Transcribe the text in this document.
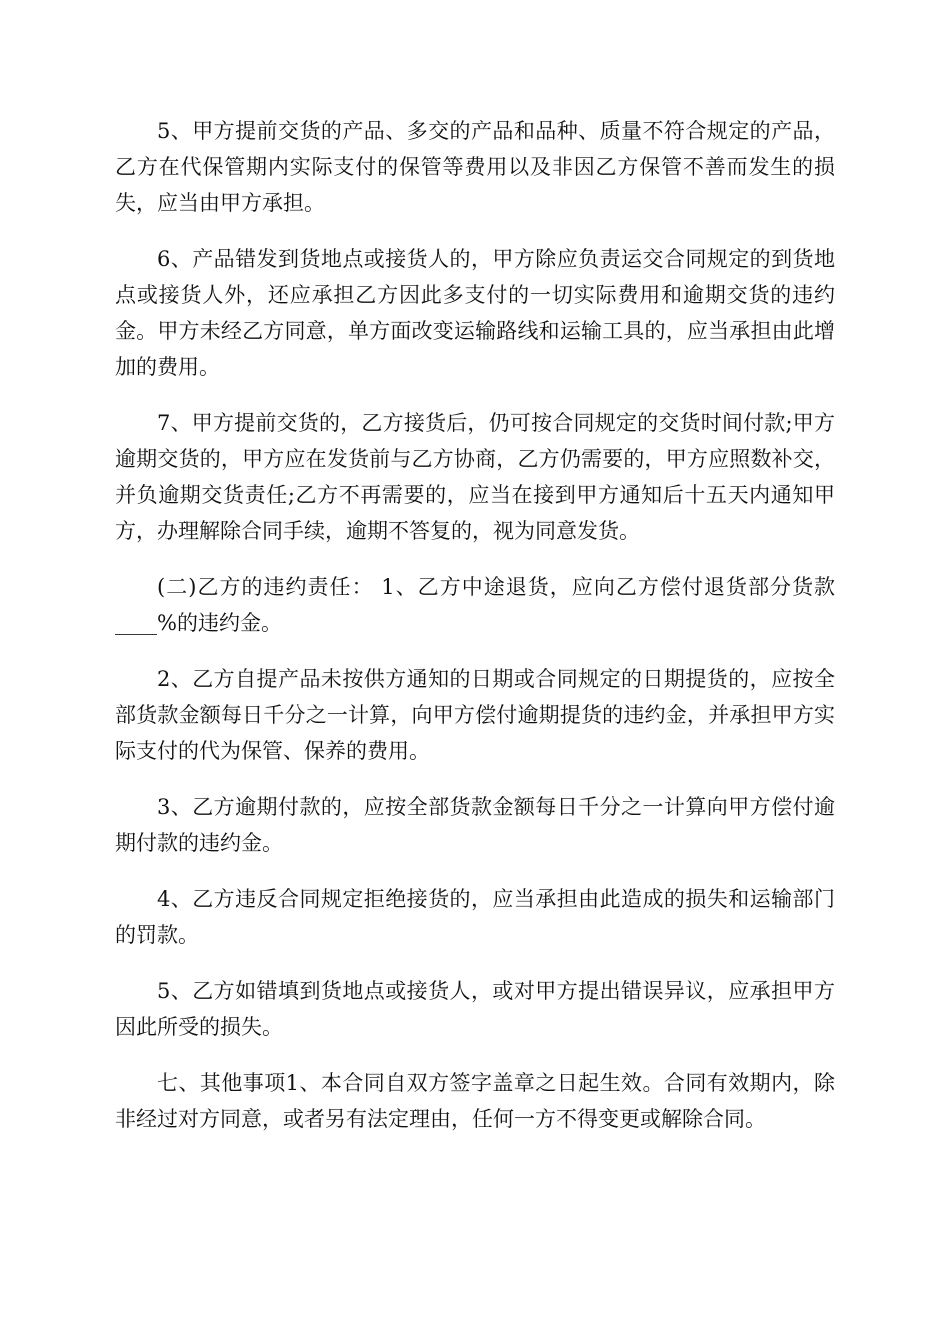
5、甲方提前交货的产品、多交的产品和品种、质量不符合规定的产品，乙方在代保管期内实际支付的保管等费用以及非因乙方保管不善而发生的损失，应当由甲方承担。

6、产品错发到货地点或接货人的，甲方除应负责运交合同规定的到货地点或接货人外，还应承担乙方因此多支付的一切实际费用和逾期交货的违约金。甲方未经乙方同意，单方面改变运输路线和运输工具的，应当承担由此增加的费用。

7、甲方提前交货的，乙方接货后，仍可按合同规定的交货时间付款;甲方逾期交货的，甲方应在发货前与乙方协商，乙方仍需要的，甲方应照数补交，并负逾期交货责任;乙方不再需要的，应当在接到甲方通知后十五天内通知甲方，办理解除合同手续，逾期不答复的，视为同意发货。

(二)乙方的违约责任： 1、乙方中途退货，应向乙方偿付退货部分货款____%的违约金。

2、乙方自提产品未按供方通知的日期或合同规定的日期提货的，应按全部货款金额每日千分之一计算，向甲方偿付逾期提货的违约金，并承担甲方实际支付的代为保管、保养的费用。

3、乙方逾期付款的，应按全部货款金额每日千分之一计算向甲方偿付逾期付款的违约金。

4、乙方违反合同规定拒绝接货的，应当承担由此造成的损失和运输部门的罚款。

5、乙方如错填到货地点或接货人，或对甲方提出错误异议，应承担甲方因此所受的损失。

七、其他事项1、本合同自双方签字盖章之日起生效。合同有效期内，除非经过对方同意，或者另有法定理由，任何一方不得变更或解除合同。
